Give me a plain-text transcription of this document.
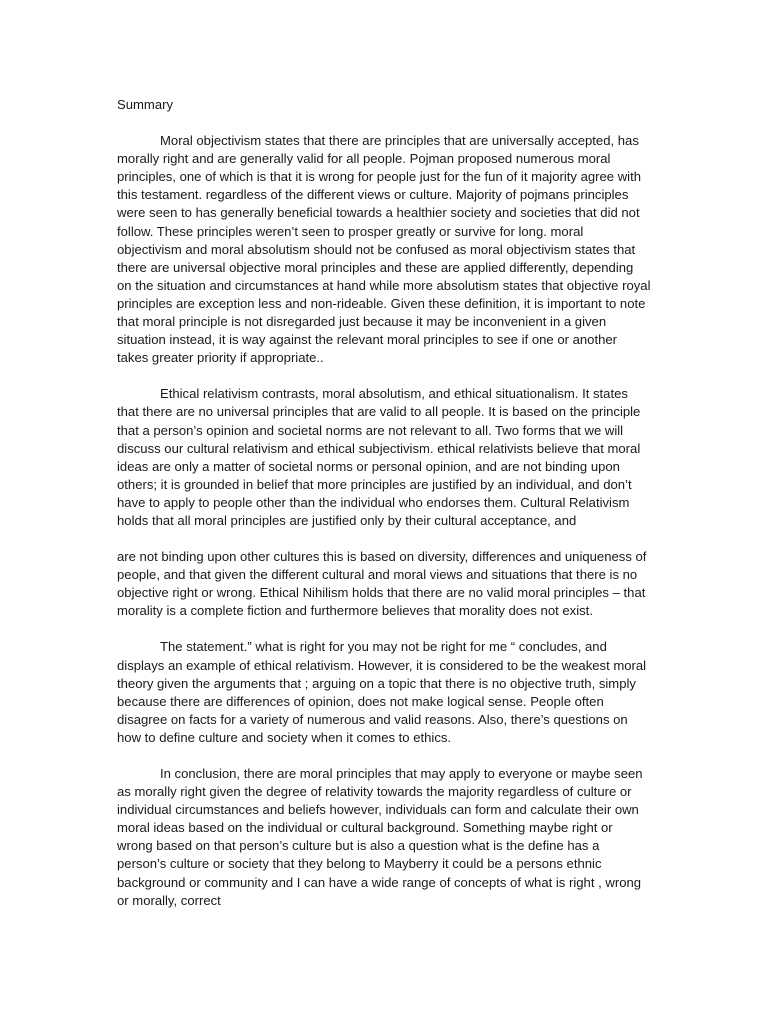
Summary

Moral objectivism states that there are principles that are universally accepted, has morally right and are generally valid for all people. Pojman proposed numerous moral principles, one of which is that it is wrong for people just for the fun of it majority agree with this testament. regardless of the different views or culture. Majority of pojmans principles were seen to has generally beneficial towards a healthier society and societies that did not follow. These principles weren’t seen to prosper greatly or survive for long. moral objectivism and moral absolutism should not be confused as moral objectivism states that there are universal objective moral principles and these are applied differently, depending on the situation and circumstances at hand while more absolutism states that objective royal principles are exception less and non-rideable. Given these definition, it is important to note that moral principle is not disregarded just because it may be inconvenient in a given situation instead, it is way against the relevant moral principles to see if one or another takes greater priority if appropriate..

Ethical relativism contrasts, moral absolutism, and ethical situationalism. It states that there are no universal principles that are valid to all people. It is based on the principle that a person’s opinion and societal norms are not relevant to all. Two forms that we will discuss our cultural relativism and ethical subjectivism. ethical relativists believe that moral ideas are only a matter of societal norms or personal opinion, and are not binding upon others; it is grounded in belief that more principles are justified by an individual, and don’t have to apply to people other than the individual who endorses them. Cultural Relativism holds that all moral principles are justified only by their cultural acceptance, and

are not binding upon other cultures this is based on diversity, differences and uniqueness of people, and that given the different cultural and moral views and situations that there is no objective right or wrong. Ethical Nihilism holds that there are no valid moral principles – that morality is a complete fiction and furthermore believes that morality does not exist.

The statement.” what is right for you may not be right for me “ concludes, and displays an example of ethical relativism. However, it is considered to be the weakest moral theory given the arguments that ; arguing on a topic that there is no objective truth, simply because there are differences of opinion, does not make logical sense. People often disagree on facts for a variety of numerous and valid reasons. Also, there’s questions on how to define culture and society when it comes to ethics.

In conclusion, there are moral principles that may apply to everyone or maybe seen as morally right given the degree of relativity towards the majority regardless of culture or individual circumstances and beliefs however, individuals can form and calculate their own moral ideas based on the individual or cultural background. Something maybe right or wrong based on that person’s culture but is also a question what is the define has a person’s culture or society that they belong to Mayberry it could be a persons ethnic background or community and I can have a wide range of concepts of what is right , wrong or morally, correct
